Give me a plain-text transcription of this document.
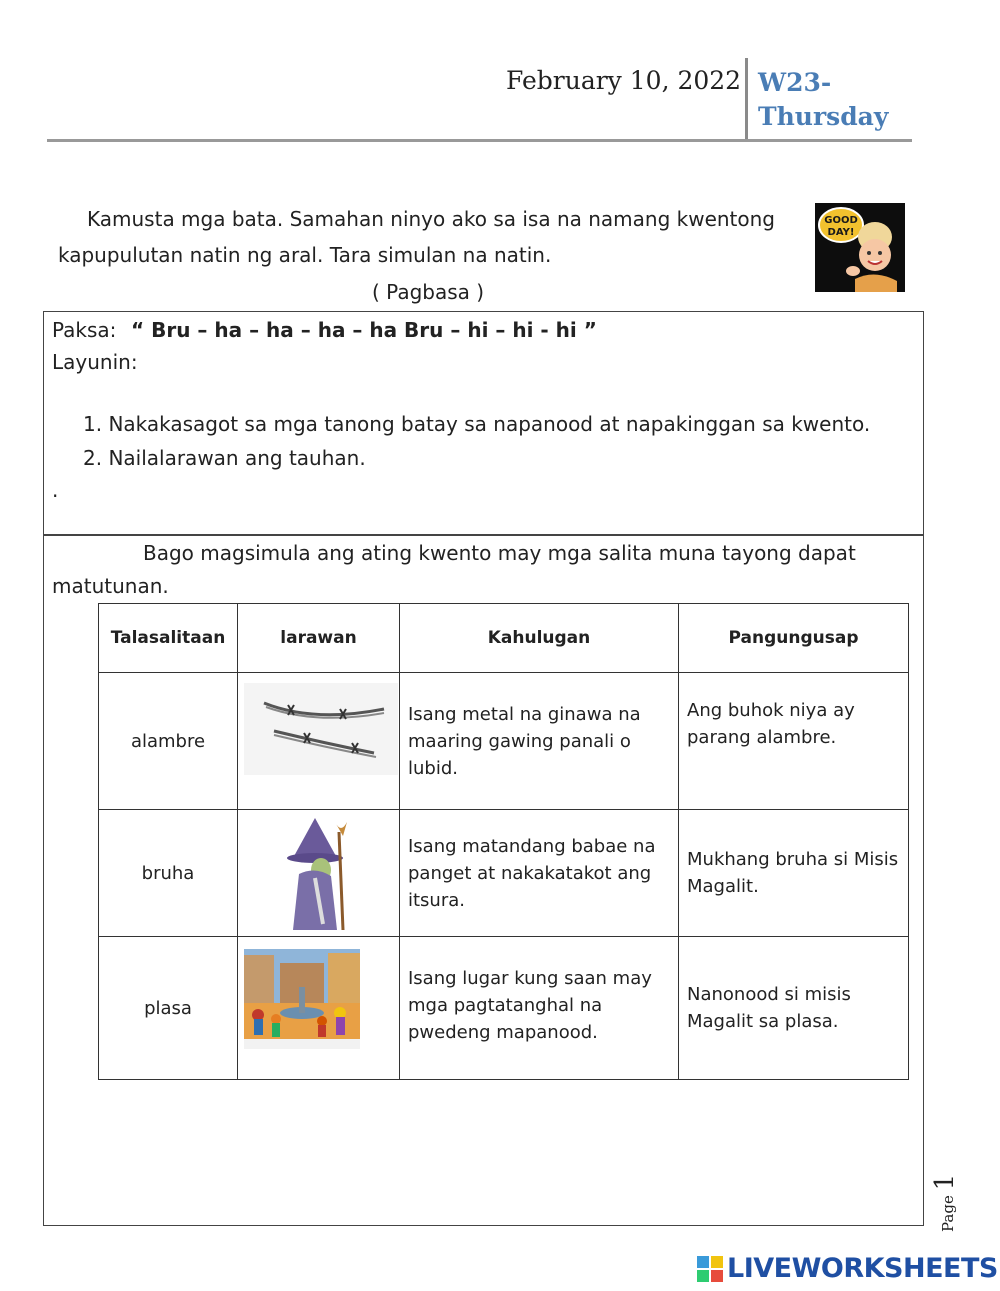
February 10, 2022 W23-
Thursday
Kamusta mga bata. Samahan ninyo ako sa isa na namang kwentong
kapupulutan natin ng aral. Tara simulan na natin.
( Pagbasa )
GOOD
DAY!
Paksa: “ Bru – ha – ha – ha – ha Bru – hi – hi - hi ”
Layunin:
1. Nakakasagot sa mga tanong batay sa napanood at napakinggan sa kwento.
2. Nailalarawan ang tauhan.
.
Bago magsimula ang ating kwento may mga salita muna tayong dapat
matutunan.
Talasalitaan	larawan	Kahulugan	Pangungusap
alambre		Isang metal na ginawa na maaring gawing panali o lubid.	Ang buhok niya ay parang alambre.
bruha		Isang matandang babae na panget at nakakatakot ang itsura.	Mukhang bruha si Misis Magalit.
plasa		Isang lugar kung saan may mga pagtatanghal na pwedeng mapanood.	Nanonood si misis Magalit sa plasa.
Page 1
LIVEWORKSHEETS
